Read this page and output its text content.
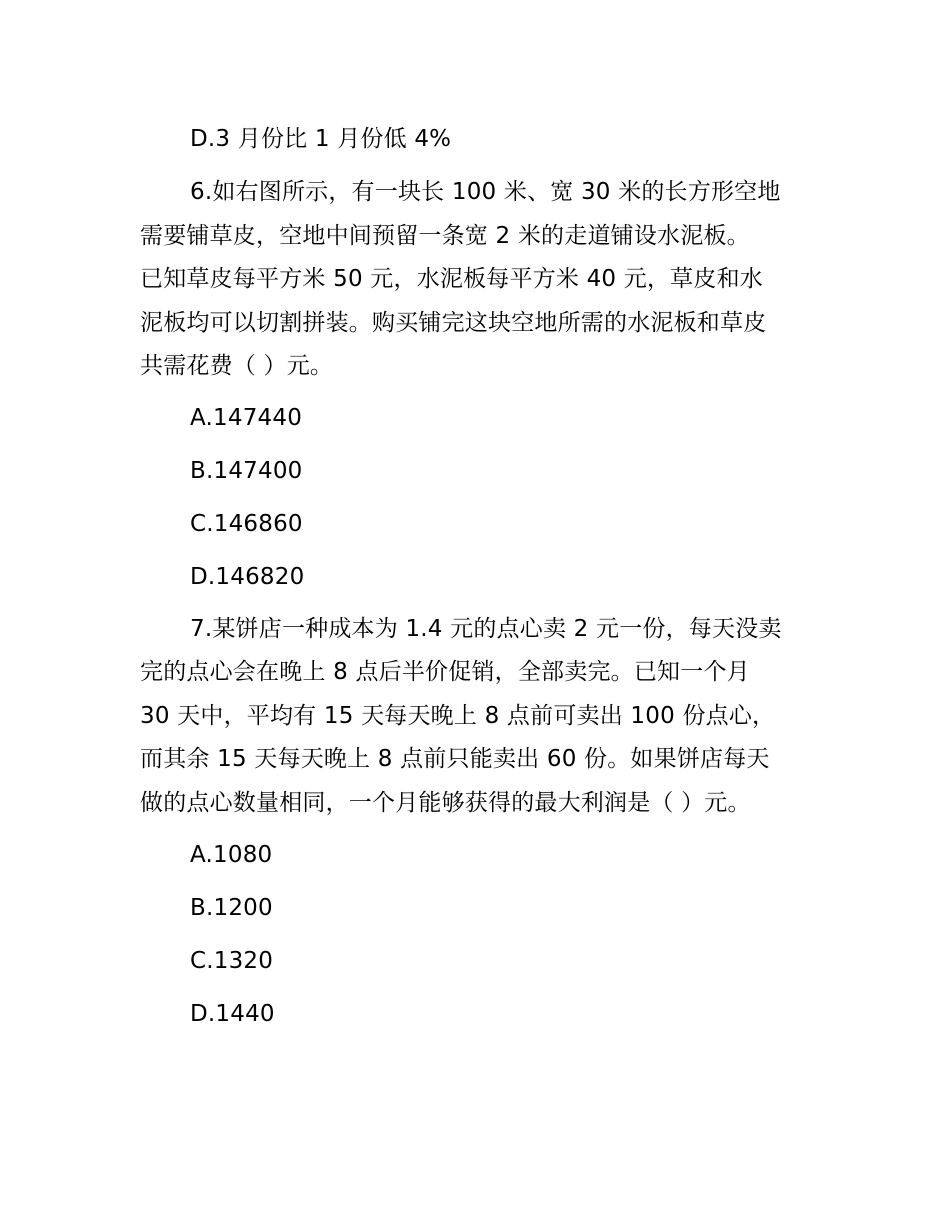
D.3 月份比 1 月份低 4%
6.如右图所示，有一块长 100 米、宽 30 米的长方形空地
需要铺草皮，空地中间预留一条宽 2 米的走道铺设水泥板。
已知草皮每平方米 50 元，水泥板每平方米 40 元，草皮和水
泥板均可以切割拼装。购买铺完这块空地所需的水泥板和草皮
共需花费（ ）元。
A.147440
B.147400
C.146860
D.146820
7.某饼店一种成本为 1.4 元的点心卖 2 元一份，每天没卖
完的点心会在晚上 8 点后半价促销，全部卖完。已知一个月
30 天中，平均有 15 天每天晚上 8 点前可卖出 100 份点心，
而其余 15 天每天晚上 8 点前只能卖出 60 份。如果饼店每天
做的点心数量相同，一个月能够获得的最大利润是（ ）元。
A.1080
B.1200
C.1320
D.1440
